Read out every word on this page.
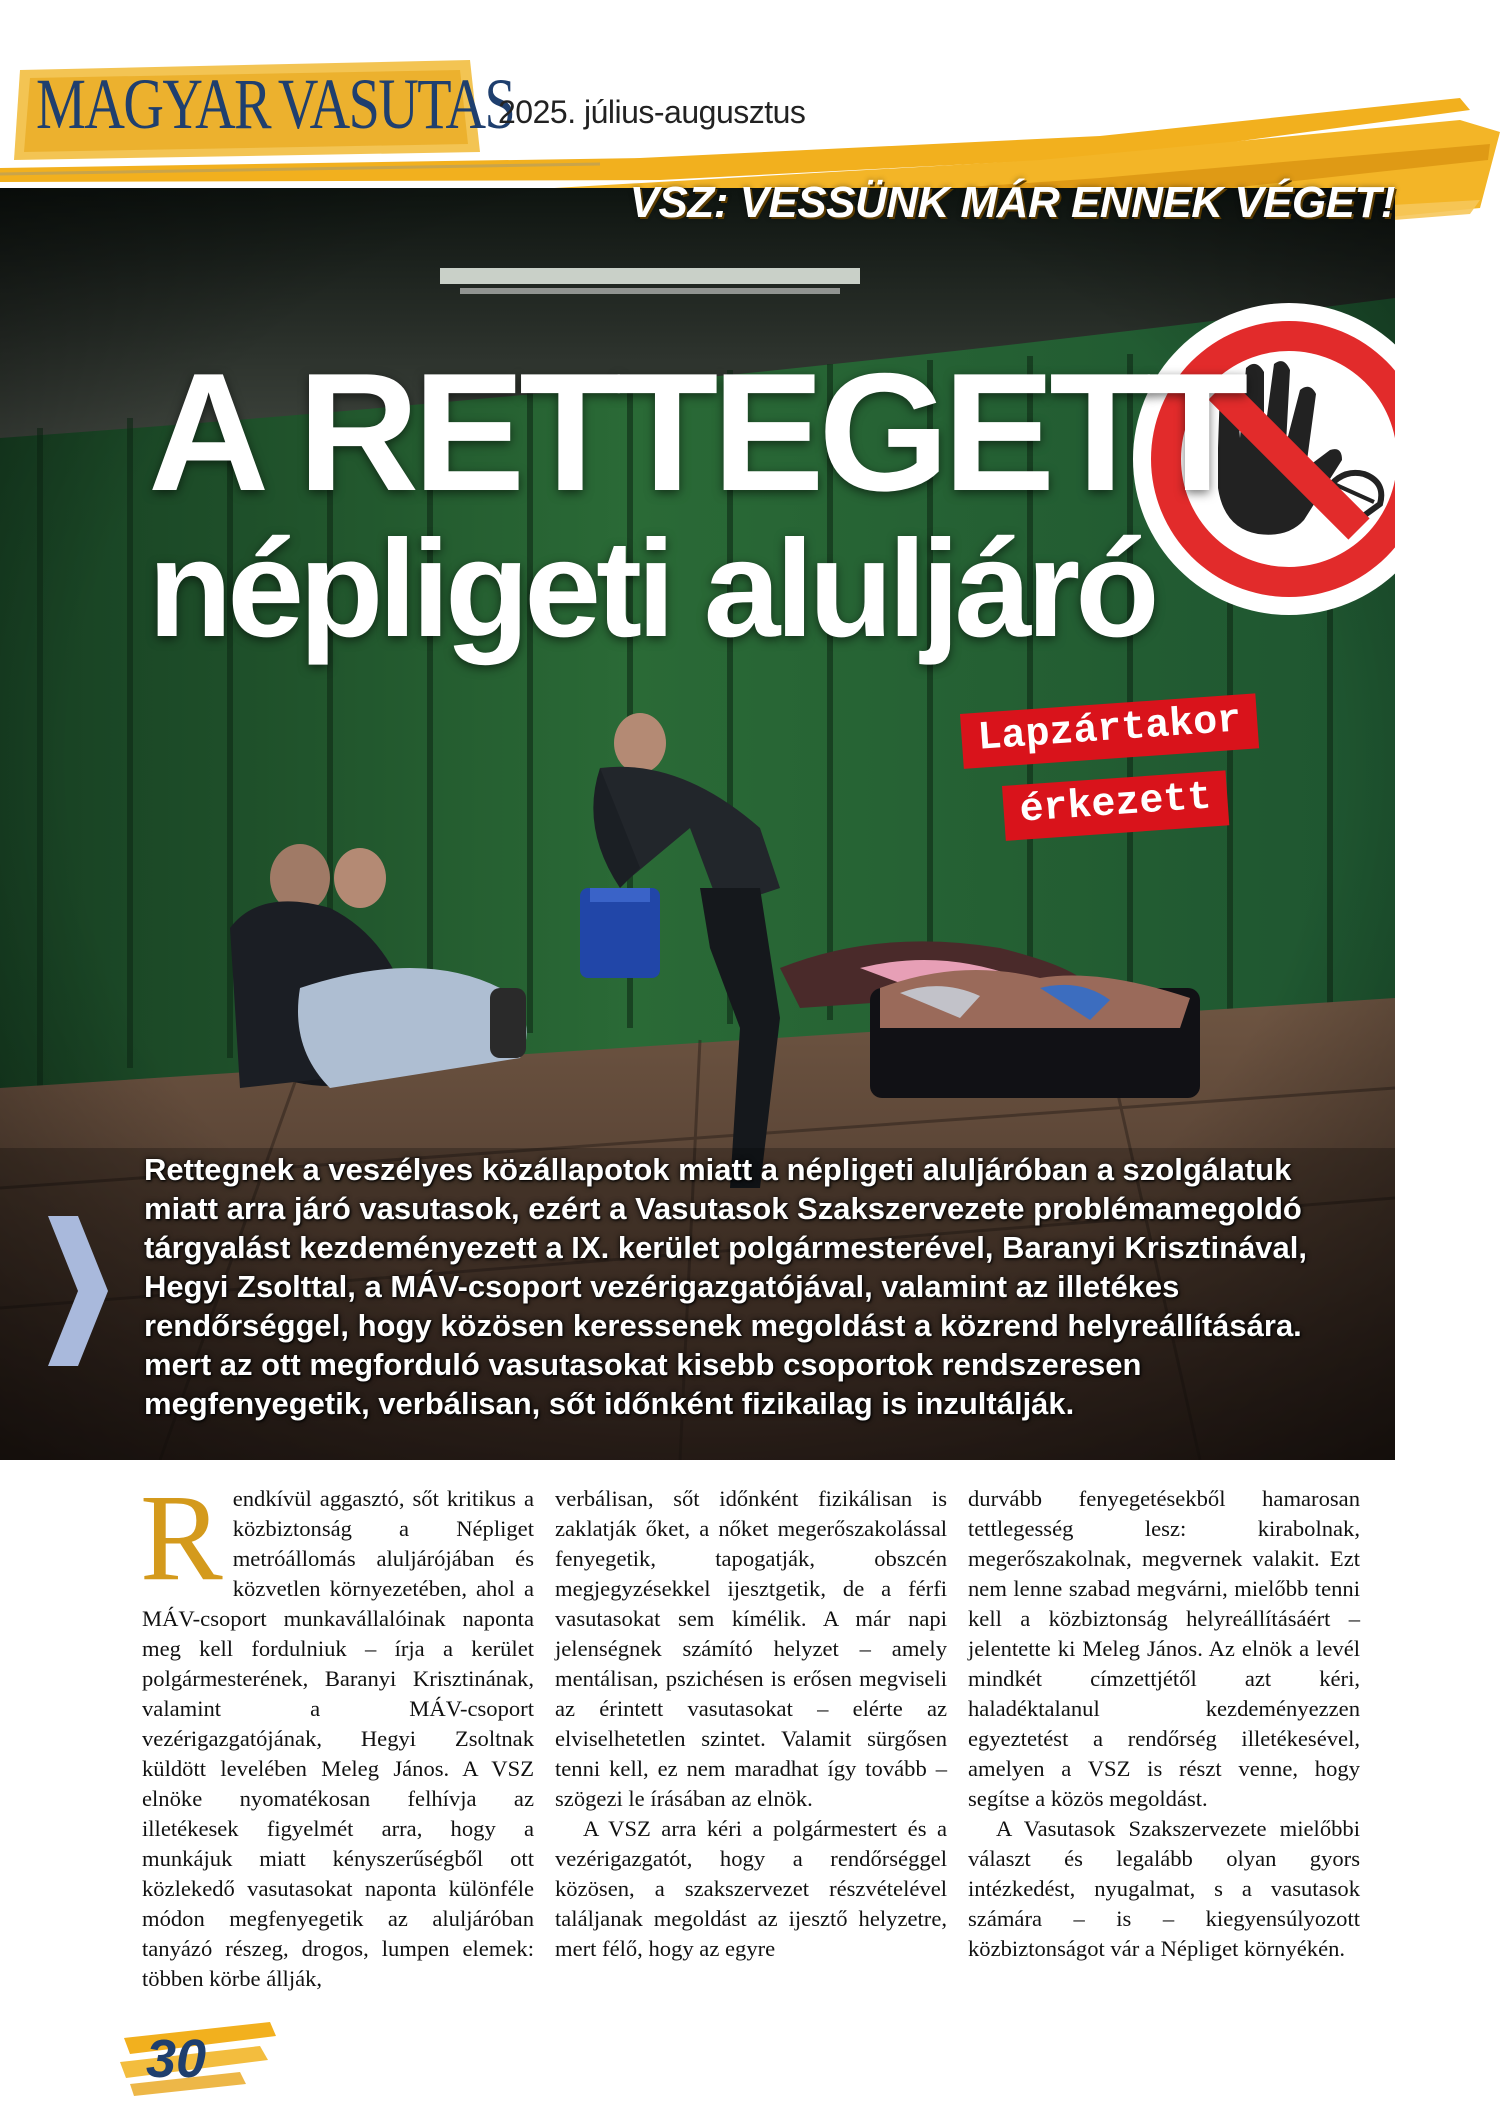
MAGYAR VASUTAS
2025. július-augusztus
VSZ: VESSÜNK MÁR ENNEK VÉGET!
A RETTEGETT
népligeti aluljáró
Lapzártakor
érkezett
Rettegnek a veszélyes közállapotok miatt a népligeti aluljáróban a szolgálatuk miatt arra járó vasutasok, ezért a Vasutasok Szakszervezete problémamegoldó tárgyalást kezdeményezett a IX. kerület polgármesterével, Baranyi Krisztinával, Hegyi Zsolttal, a MÁV-csoport vezérigazgatójával, valamint az illetékes rendőrséggel, hogy közösen keressenek megoldást a közrend helyreállítására. mert az ott megforduló vasutasokat kisebb csoportok rendszeresen megfenyegetik, verbálisan, sőt időnként fizikailag is inzultálják.
R endkívül aggasztó, sőt kritikus a közbiztonság a Népliget metróállomás aluljárójában és közvetlen környezetében, ahol a MÁV-csoport munkavállalóinak naponta meg kell fordulniuk – írja a kerület polgármesterének, Baranyi Krisztinának, valamint a MÁV-csoport vezérigazgatójának, Hegyi Zsoltnak küldött levelében Meleg János. A VSZ elnöke nyomatékosan felhívja az illetékesek figyelmét arra, hogy a munkájuk miatt kényszerűségből ott közlekedő vasutasokat naponta különféle módon megfenyegetik az aluljáróban tanyázó részeg, drogos, lumpen elemek: többen körbe állják,

verbálisan, sőt időnként fizikálisan is zaklatják őket, a nőket megerőszakolással fenyegetik, tapogatják, obszcén megjegyzésekkel ijesztgetik, de a férfi vasutasokat sem kímélik. A már napi jelenségnek számító helyzet – amely mentálisan, pszichésen is erősen megviseli az érintett vasutasokat – elérte az elviselhetetlen szintet. Valamit sürgősen tenni kell, ez nem maradhat így tovább – szögezi le írásában az elnök.

A VSZ arra kéri a polgármestert és a vezérigazgatót, hogy a rendőrséggel közösen, a szakszervezet részvételével találjanak megoldást az ijesztő helyzetre, mert félő, hogy az egyre

durvább fenyegetésekből hamarosan tettlegesség lesz: kirabolnak, megerőszakolnak, megvernek valakit. Ezt nem lenne szabad megvárni, mielőbb tenni kell a közbiztonság helyreállításáért – jelentette ki Meleg János. Az elnök a levél mindkét címzettjétől azt kéri, haladéktalanul kezdeményezzen egyeztetést a rendőrség illetékesével, amelyen a VSZ is részt venne, hogy segítse a közös megoldást.

A Vasutasok Szakszervezete mielőbbi választ és legalább olyan gyors intézkedést, nyugalmat, s a vasutasok számára – is – kiegyensúlyozott közbiztonságot vár a Népliget környékén.

30
